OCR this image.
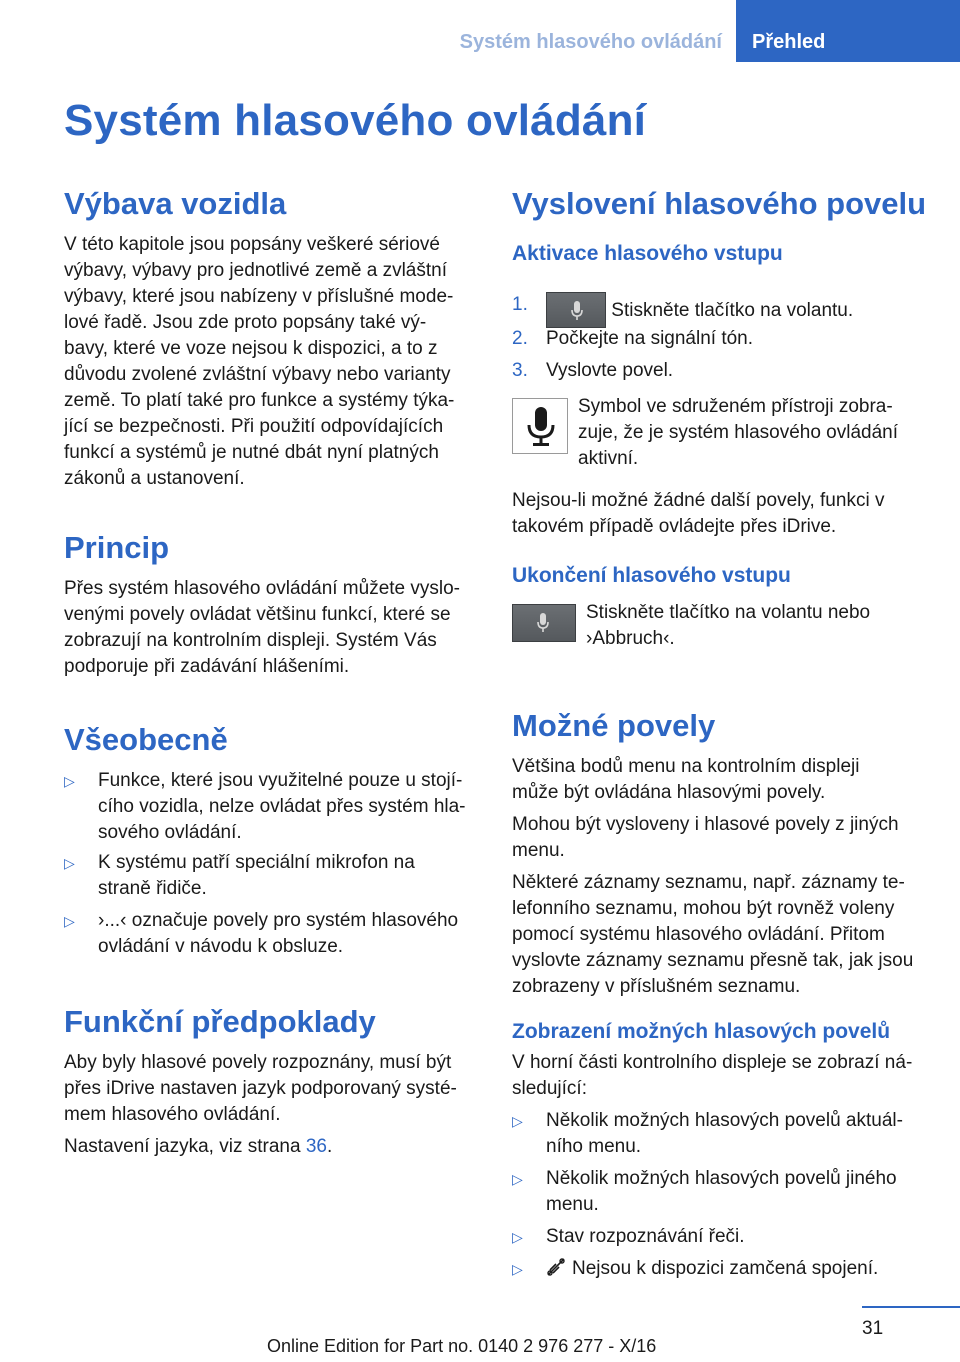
Systém hlasového ovládání Přehled
Systém hlasového ovládání
Výbava vozidla

V této kapitole jsou popsány veškeré sériové
výbavy, výbavy pro jednotlivé země a zvláštní
výbavy, které jsou nabízeny v příslušné mode-
lové řadě. Jsou zde proto popsány také vý-
bavy, které ve voze nejsou k dispozici, a to z
důvodu zvolené zvláštní výbavy nebo varianty
země. To platí také pro funkce a systémy týka-
jící se bezpečnosti. Při použití odpovídajících
funkcí a systémů je nutné dbát nyní platných
zákonů a ustanovení.

Princip

Přes systém hlasového ovládání můžete vyslo-
venými povely ovládat většinu funkcí, které se
zobrazují na kontrolním displeji. Systém Vás
podporuje při zadávání hlášeními.

Všeobecně
▷ Funkce, které jsou využitelné pouze u stojí-
cího vozidla, nelze ovládat přes systém hla-
sového ovládání.
▷ K systému patří speciální mikrofon na
straně řidiče.
▷ ›...‹ označuje povely pro systém hlasového
ovládání v návodu k obsluze.
Funkční předpoklady

Aby byly hlasové povely rozpoznány, musí být
přes iDrive nastaven jazyk podporovaný systé-
mem hlasového ovládání.

Nastavení jazyka, viz strana 36.

Vyslovení hlasového povelu
Aktivace hlasového vstupu
1.	Stiskněte tlačítko na volantu.
2. Počkejte na signální tón.
3. Vyslovte povel.

Symbol ve sdruženém přístroji zobra-
zuje, že je systém hlasového ovládání
aktivní.

Nejsou-li možné žádné další povely, funkci v
takovém případě ovládejte přes iDrive.

Ukončení hlasového vstupu

Stiskněte tlačítko na volantu nebo
›Abbruch‹.

Možné povely

Většina bodů menu na kontrolním displeji
může být ovládána hlasovými povely.

Mohou být vysloveny i hlasové povely z jiných
menu.

Některé záznamy seznamu, např. záznamy te-
lefonního seznamu, mohou být rovněž voleny
pomocí systému hlasového ovládání. Přitom
vyslovte záznamy seznamu přesně tak, jak jsou
zobrazeny v příslušném seznamu.

Zobrazení možných hlasových povelů

V horní části kontrolního displeje se zobrazí ná-
sledující:

▷ Několik možných hlasových povelů aktuál-
ního menu.
▷ Několik možných hlasových povelů jiného
menu.
▷ Stav rozpoznávání řeči.
▷	Nejsou k dispozici zamčená spojení.
31
Online Edition for Part no. 0140 2 976 277 - X/16
